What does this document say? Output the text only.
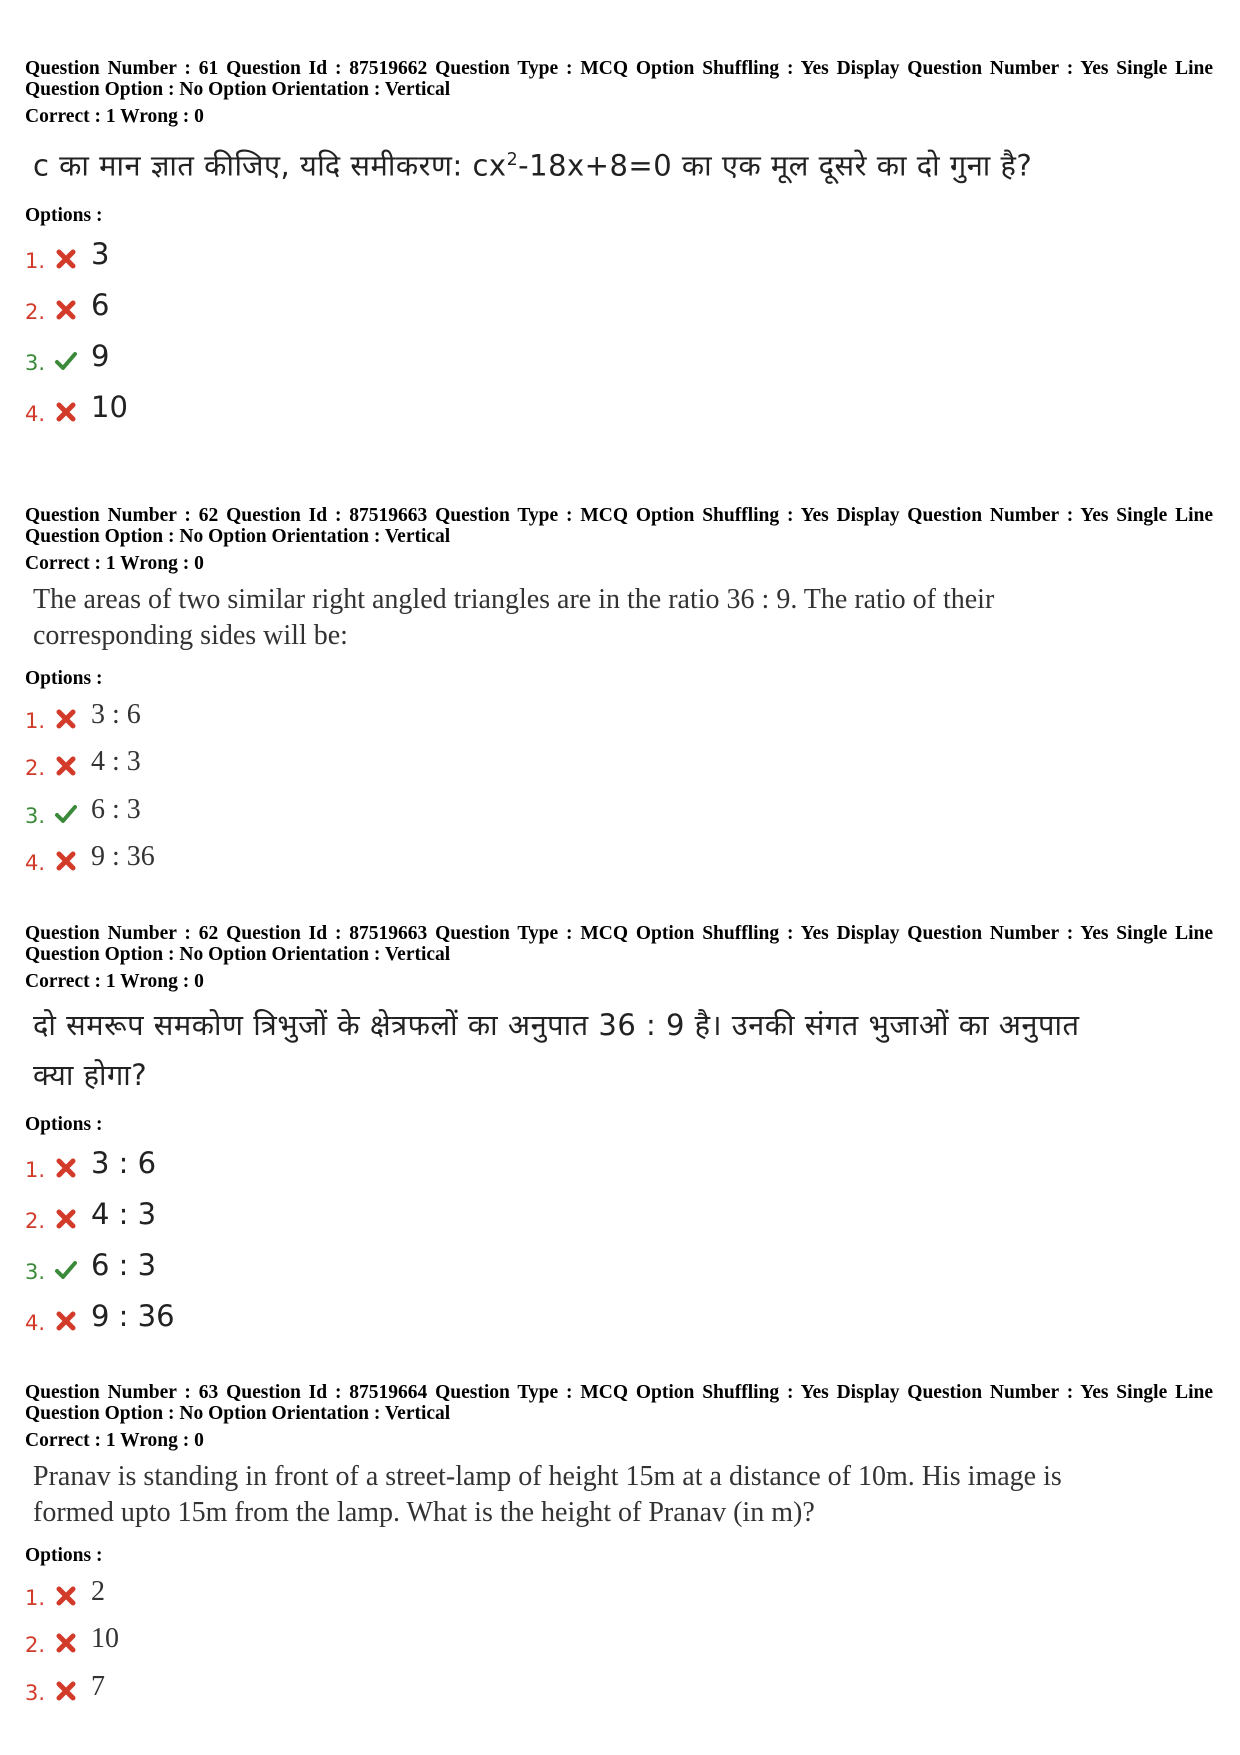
Question Number : 61 Question Id : 87519662 Question Type : MCQ Option Shuffling : Yes Display Question Number : Yes Single Line Question Option : No Option Orientation : Vertical
Correct : 1 Wrong : 0
c का मान ज्ञात कीजिए, यदि समीकरण: $cx^2-18x+8=0$ का एक मूल दूसरे का दो गुना है?
Options :
1. 3
2. 6
3. 9
4. 10
Question Number : 62 Question Id : 87519663 Question Type : MCQ Option Shuffling : Yes Display Question Number : Yes Single Line Question Option : No Option Orientation : Vertical
Correct : 1 Wrong : 0
The areas of two similar right angled triangles are in the ratio 36 : 9. The ratio of their corresponding sides will be:
Options :
1. 3 : 6
2. 4 : 3
3. 6 : 3
4. 9 : 36
Question Number : 62 Question Id : 87519663 Question Type : MCQ Option Shuffling : Yes Display Question Number : Yes Single Line Question Option : No Option Orientation : Vertical
Correct : 1 Wrong : 0
दो समरूप समकोण त्रिभुजों के क्षेत्रफलों का अनुपात 36 : 9 है। उनकी संगत भुजाओं का अनुपात क्या होगा?
Options :
1. 3 : 6
2. 4 : 3
3. 6 : 3
4. 9 : 36
Question Number : 63 Question Id : 87519664 Question Type : MCQ Option Shuffling : Yes Display Question Number : Yes Single Line Question Option : No Option Orientation : Vertical
Correct : 1 Wrong : 0
Pranav is standing in front of a street-lamp of height 15m at a distance of 10m. His image is formed upto 15m from the lamp. What is the height of Pranav (in m)?
Options :
1. 2
2. 10
3. 7
